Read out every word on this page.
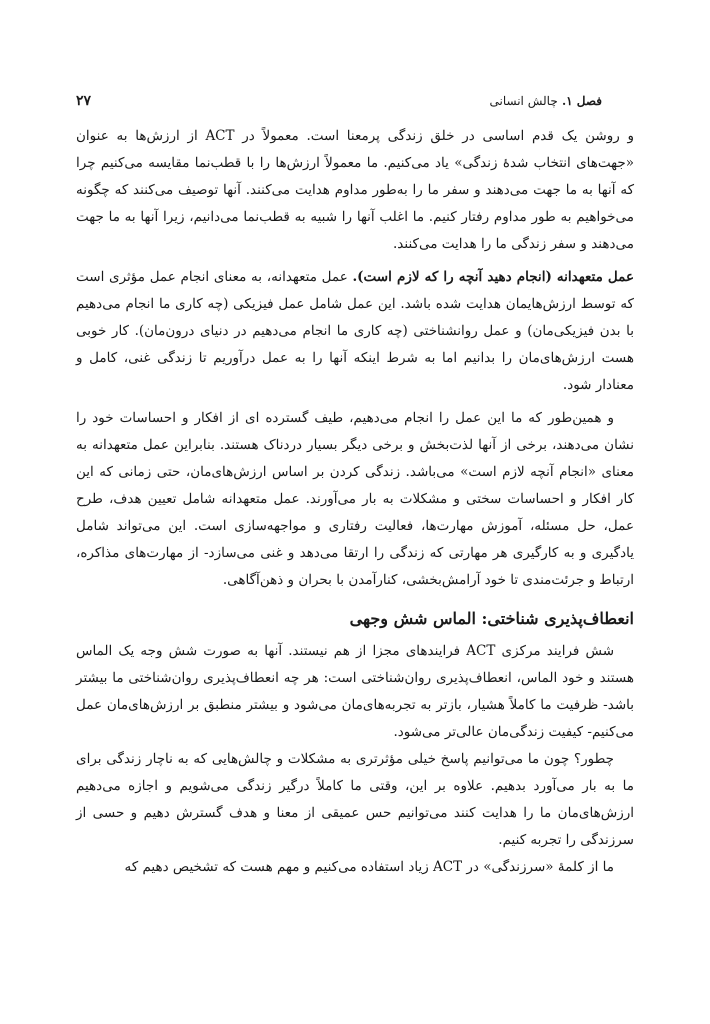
فصل ۱. چالش انسانی
۲۷

و روشن یک قدم اساسی در خلق زندگی پرمعنا است. معمولاً در ACT از ارزش‌ها به عنوان «جهت‌های انتخاب شدهٔ زندگی» یاد می‌کنیم. ما معمولاً ارزش‌ها را با قطب‌نما مقایسه می‌کنیم چرا که آنها به ما جهت می‌دهند و سفر ما را به‌طور مداوم هدایت می‌کنند. آنها توصیف می‌کنند که چگونه می‌خواهیم به طور مداوم رفتار کنیم. ما اغلب آنها را شبیه به قطب‌نما می‌دانیم، زیرا آنها به ما جهت می‌دهند و سفر زندگی ما را هدایت می‌کنند.

عمل متعهدانه (انجام دهید آنچه را که لازم است). عمل متعهدانه، به معنای انجام عمل مؤثری است که توسط ارزش‌هایمان هدایت شده باشد. این عمل شامل عمل فیزیکی (چه کاری ما انجام می‌دهیم با بدن فیزیکی‌مان) و عمل روانشناختی (چه کاری ما انجام می‌دهیم در دنیای درون‌مان). کار خوبی هست ارزش‌های‌مان را بدانیم اما به شرط اینکه آنها را به عمل درآوریم تا زندگی غنی، کامل و معنادار شود.

و همین‌طور که ما این عمل را انجام می‌دهیم، طیف گسترده ای از افکار و احساسات خود را نشان می‌دهند، برخی از آنها لذت‌بخش و برخی دیگر بسیار دردناک هستند. بنابراین عمل متعهدانه به معنای «انجام آنچه لازم است» می‌باشد. زندگی کردن بر اساس ارزش‌های‌مان، حتی زمانی که این کار افکار و احساسات سختی و مشکلات به بار می‌آورند. عمل متعهدانه شامل تعیین هدف، طرح عمل، حل مسئله، آموزش مهارت‌ها، فعالیت رفتاری و مواجهه‌سازی است. این می‌تواند شامل یادگیری و به کارگیری هر مهارتی که زندگی را ارتقا می‌دهد و غنی می‌سازد- از مهارت‌های مذاکره، ارتباط و جرئت‌مندی تا خود آرامش‌بخشی، کنارآمدن با بحران و ذهن‌آگاهی.

انعطاف‌پذیری شناختی: الماس شش وجهی

شش فرایند مرکزی ACT فرایندهای مجزا از هم نیستند. آنها به صورت شش وجه یک الماس هستند و خود الماس، انعطاف‌پذیری روان‌شناختی است: هر چه انعطاف‌پذیری روان‌شناختی ما بیشتر باشد- ظرفیت ما کاملاً هشیار، بازتر به تجربه‌های‌مان می‌شود و بیشتر منطبق بر ارزش‌های‌مان عمل می‌کنیم- کیفیت زندگی‌مان عالی‌تر می‌شود.

چطور؟ چون ما می‌توانیم پاسخ خیلی مؤثرتری به مشکلات و چالش‌هایی که به ناچار زندگی برای ما به بار می‌آورد بدهیم. علاوه بر این، وقتی ما کاملاً درگیر زندگی می‌شویم و اجازه می‌دهیم ارزش‌های‌مان ما را هدایت کنند می‌توانیم حس عمیقی از معنا و هدف گسترش دهیم و حسی از سرزندگی را تجربه کنیم.

ما از کلمهٔ «سرزندگی» در ACT زیاد استفاده می‌کنیم و مهم هست که تشخیص دهیم که
